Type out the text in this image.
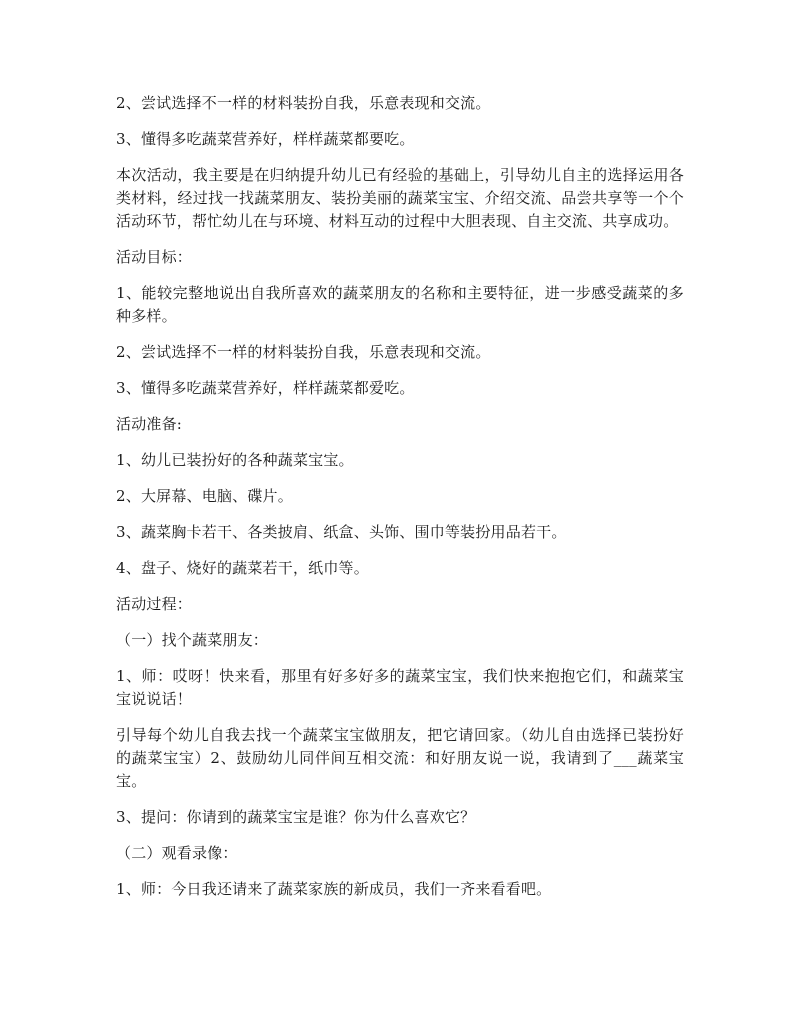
2、尝试选择不一样的材料装扮自我，乐意表现和交流。

3、懂得多吃蔬菜营养好，样样蔬菜都要吃。

本次活动，我主要是在归纳提升幼儿已有经验的基础上，引导幼儿自主的选择运用各类材料，经过找一找蔬菜朋友、装扮美丽的蔬菜宝宝、介绍交流、品尝共享等一个个活动环节，帮忙幼儿在与环境、材料互动的过程中大胆表现、自主交流、共享成功。

活动目标：

1、能较完整地说出自我所喜欢的蔬菜朋友的名称和主要特征，进一步感受蔬菜的多种多样。

2、尝试选择不一样的材料装扮自我，乐意表现和交流。

3、懂得多吃蔬菜营养好，样样蔬菜都爱吃。

活动准备:

1、幼儿已装扮好的各种蔬菜宝宝。

2、大屏幕、电脑、碟片。

3、蔬菜胸卡若干、各类披肩、纸盒、头饰、围巾等装扮用品若干。

4、盘子、烧好的蔬菜若干，纸巾等。

活动过程：

（一）找个蔬菜朋友：

1、师：哎呀！快来看，那里有好多好多的蔬菜宝宝，我们快来抱抱它们，和蔬菜宝宝说说话！

引导每个幼儿自我去找一个蔬菜宝宝做朋友，把它请回家。（幼儿自由选择已装扮好的蔬菜宝宝）2、鼓励幼儿同伴间互相交流：和好朋友说一说，我请到了___蔬菜宝宝。

3、提问：你请到的蔬菜宝宝是谁？你为什么喜欢它？

（二）观看录像：

1、师：今日我还请来了蔬菜家族的新成员，我们一齐来看看吧。
